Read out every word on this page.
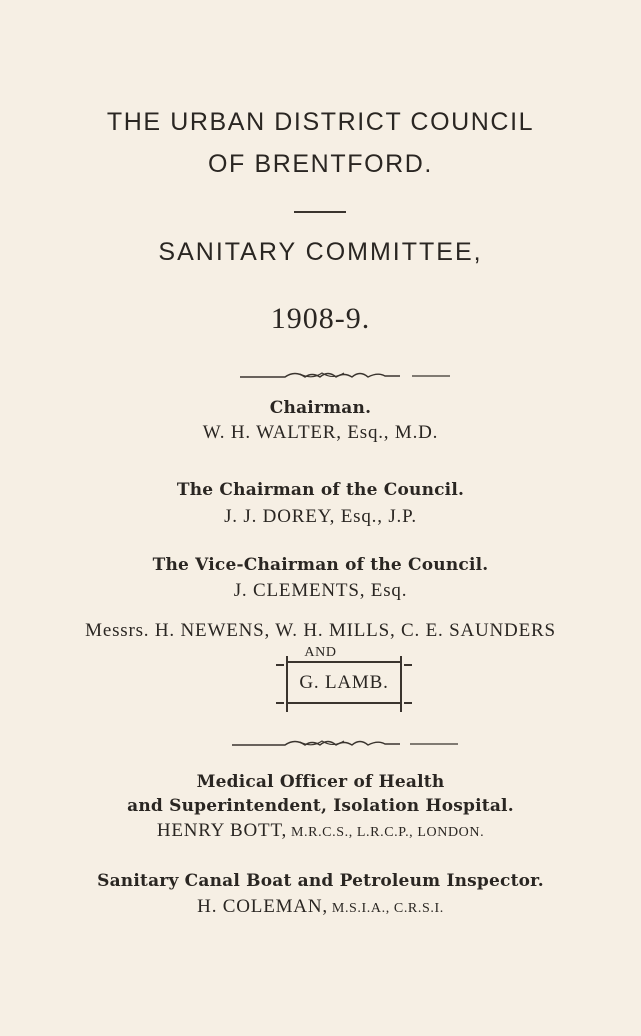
THE URBAN DISTRICT COUNCIL
OF BRENTFORD.
SANITARY COMMITTEE,
1908-9.
Chairman.
W. H. WALTER, Esq., M.D.
The Chairman of the Council.
J. J. DOREY, Esq., J.P.
The Vice-Chairman of the Council.
J. CLEMENTS, Esq.
Messrs. H. NEWENS, W. H. MILLS, C. E. SAUNDERS
AND
G. LAMB.
Medical Officer of Health
and Superintendent, Isolation Hospital.
HENRY BOTT, M.R.C.S., L.R.C.P., LONDON.
Sanitary Canal Boat and Petroleum Inspector.
H. COLEMAN, M.S.I.A., C.R.S.I.
